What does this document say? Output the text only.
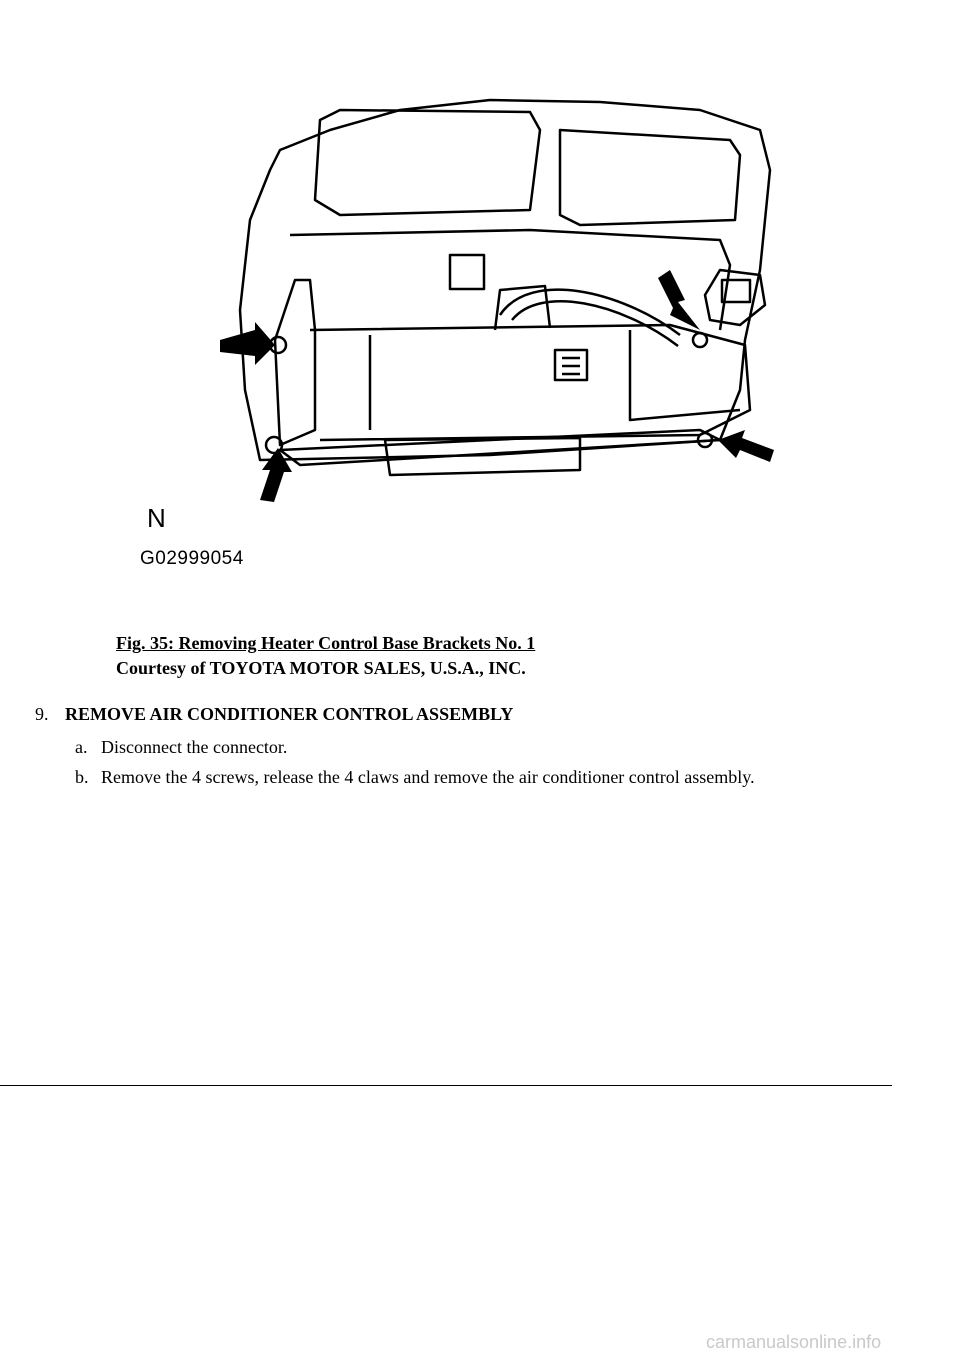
N
G02999054
Fig. 35: Removing Heater Control Base Brackets No. 1
Courtesy of TOYOTA MOTOR SALES, U.S.A., INC.
9. REMOVE AIR CONDITIONER CONTROL ASSEMBLY
a. Disconnect the connector.
b. Remove the 4 screws, release the 4 claws and remove the air conditioner control assembly.
carmanualsonline.info
